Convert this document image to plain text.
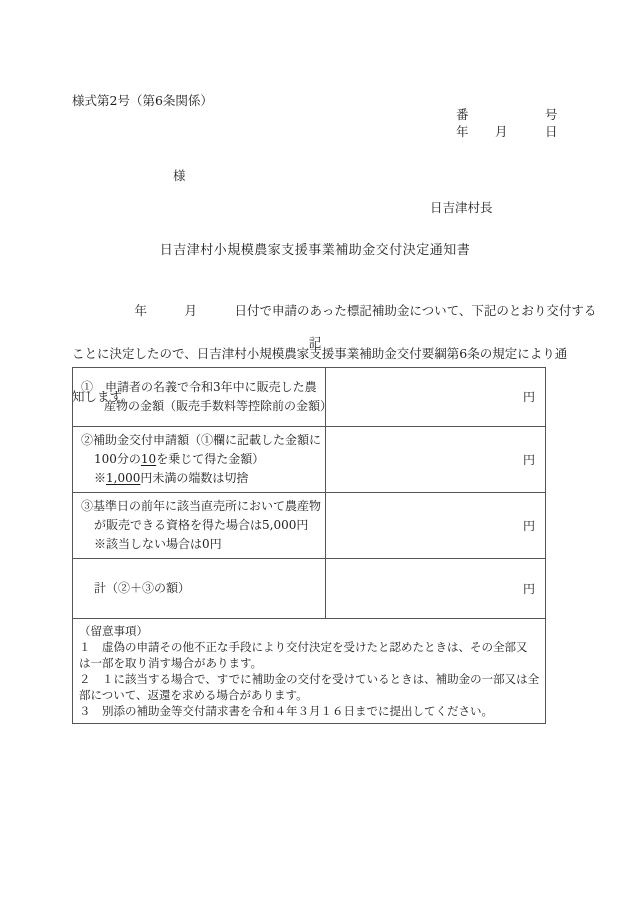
様式第2号（第6条関係）
番	号
年 月	日
様
日吉津村長
日吉津村小規模農家支援事業補助金交付決定通知書

　　　　　年　　　月　　　日付で申請のあった標記補助金について、下記のとおり交付する

ことに決定したので、日吉津村小規模農家支援事業補助金交付要綱第6条の規定により通

知します。

記
①　申請者の名義で令和3年中に販売した農
産物の金額（販売手数料等控除前の金額）	円

②補助金交付申請額（①欄に記載した金額に
100分の10を乗じて得た金額）
※1,000円未満の端数は切捨	円

③基準日の前年に該当直売所において農産物
が販売できる資格を得た場合は5,000円
※該当しない場合は0円	円

計（②＋③の額）	円

（留意事項）
１　虚偽の申請その他不正な手段により交付決定を受けたと認めたときは、その全部又
は一部を取り消す場合があります。
２　１に該当する場合で、すでに補助金の交付を受けているときは、補助金の一部又は全
部について、返還を求める場合があります。
３　別添の補助金等交付請求書を令和４年３月１６日までに提出してください。
